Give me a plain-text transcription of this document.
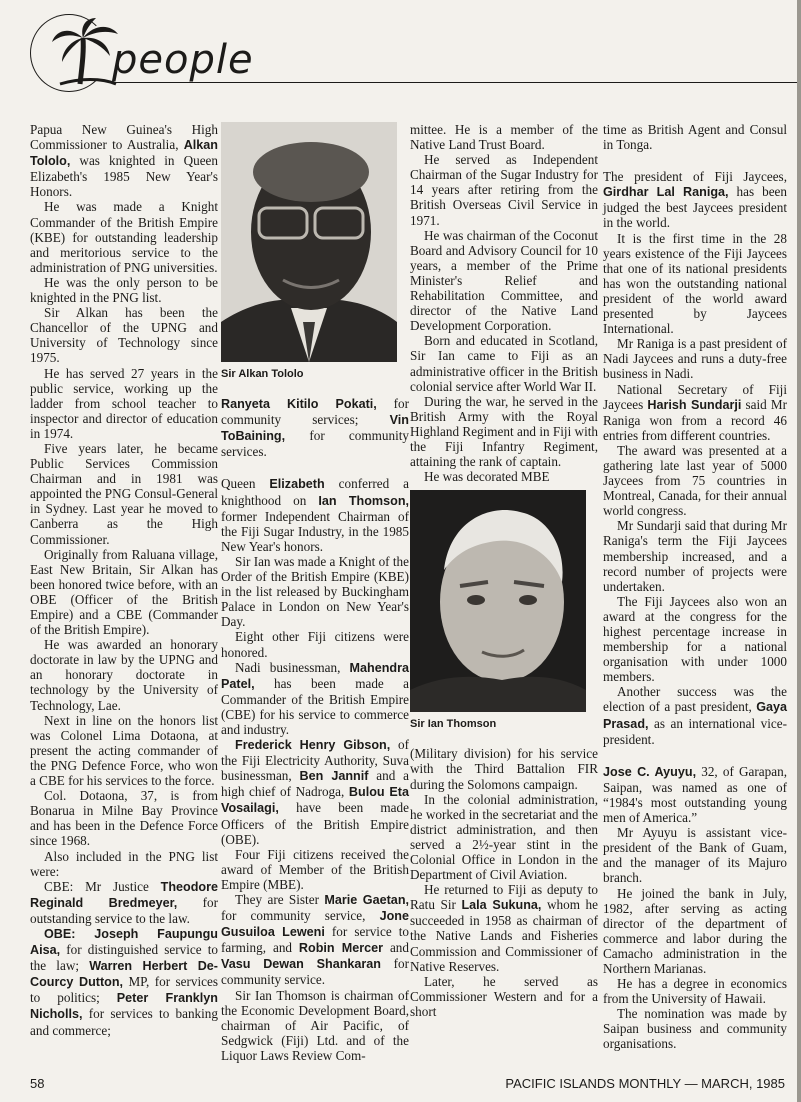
people

Papua New Guinea's High Commissioner to Australia, Alkan Tololo, was knighted in Queen Elizabeth's 1985 New Year's Honors.

He was made a Knight Commander of the British Empire (KBE) for outstanding leadership and meritorious service to the administration of PNG universities.

He was the only person to be knighted in the PNG list.

Sir Alkan has been the Chancellor of the UPNG and University of Technology since 1975.

He has served 27 years in the public service, working up the ladder from school teacher to inspector and director of education in 1974.

Five years later, he became Public Services Commission Chairman and in 1981 was appointed the PNG Consul-General in Sydney. Last year he moved to Canberra as the High Commissioner.

Originally from Raluana village, East New Britain, Sir Alkan has been honored twice before, with an OBE (Officer of the British Empire) and a CBE (Commander of the British Empire).

He was awarded an honorary doctorate in law by the UPNG and an honorary doctorate in technology by the University of Technology, Lae.

Next in line on the honors list was Colonel Lima Dotaona, at present the acting commander of the PNG Defence Force, who won a CBE for his services to the force.

Col. Dotaona, 37, is from Bonarua in Milne Bay Province and has been in the Defence Force since 1968.

Also included in the PNG list were:

CBE: Mr Justice Theodore Reginald Bredmeyer, for outstanding service to the law.

OBE: Joseph Faupungu Aisa, for distinguished service to the law; Warren Herbert De-Courcy Dutton, MP, for services to politics; Peter Franklyn Nicholls, for services to banking and commerce;

Sir Alkan Tololo

Ranyeta Kitilo Pokati, for community services; Vin ToBaining, for community services.

Queen Elizabeth conferred a knighthood on Ian Thomson, former Independent Chairman of the Fiji Sugar Industry, in the 1985 New Year's honors.

Sir Ian was made a Knight of the Order of the British Empire (KBE) in the list released by Buckingham Palace in London on New Year's Day.

Eight other Fiji citizens were honored.

Nadi businessman, Mahendra Patel, has been made a Commander of the British Empire (CBE) for his service to commerce and industry.

Frederick Henry Gibson, of the Fiji Electricity Authority, Suva businessman, Ben Jannif and a high chief of Nadroga, Bulou Eta Vosailagi, have been made Officers of the British Empire (OBE).

Four Fiji citizens received the award of Member of the British Empire (MBE).

They are Sister Marie Gaetan, for community service, Jone Gusuiloa Leweni for service to farming, and Robin Mercer and Vasu Dewan Shankaran for community service.

Sir Ian Thomson is chairman of the Economic Development Board, chairman of Air Pacific, of Sedgwick (Fiji) Ltd. and of the Liquor Laws Review Com-

mittee. He is a member of the Native Land Trust Board.

He served as Independent Chairman of the Sugar Industry for 14 years after retiring from the British Overseas Civil Service in 1971.

He was chairman of the Coconut Board and Advisory Council for 10 years, a member of the Prime Minister's Relief and Rehabilitation Committee, and director of the Native Land Development Corporation.

Born and educated in Scotland, Sir Ian came to Fiji as an administrative officer in the British colonial service after World War II.

During the war, he served in the British Army with the Royal Highland Regiment and in Fiji with the Fiji Infantry Regiment, attaining the rank of captain.

He was decorated MBE

Sir Ian Thomson

(Military division) for his service with the Third Battalion FIR during the Solomons campaign.

In the colonial administration, he worked in the secretariat and the district administration, and then served a 2½-year stint in the Colonial Office in London in the Department of Civil Aviation.

He returned to Fiji as deputy to Ratu Sir Lala Sukuna, whom he succeeded in 1958 as chairman of the Native Lands and Fisheries Commission and Commissioner of Native Reserves.

Later, he served as Commissioner Western and for a short

time as British Agent and Consul in Tonga.

The president of Fiji Jaycees, Girdhar Lal Raniga, has been judged the best Jaycees president in the world.

It is the first time in the 28 years existence of the Fiji Jaycees that one of its national presidents has won the outstanding national president of the world award presented by Jaycees International.

Mr Raniga is a past president of Nadi Jaycees and runs a duty-free business in Nadi.

National Secretary of Fiji Jaycees Harish Sundarji said Mr Raniga won from a record 46 entries from different countries.

The award was presented at a gathering late last year of 5000 Jaycees from 75 countries in Montreal, Canada, for their annual world congress.

Mr Sundarji said that during Mr Raniga's term the Fiji Jaycees membership increased, and a record number of projects were undertaken.

The Fiji Jaycees also won an award at the congress for the highest percentage increase in membership for a national organisation with under 1000 members.

Another success was the election of a past president, Gaya Prasad, as an international vice-president.

Jose C. Ayuyu, 32, of Garapan, Saipan, was named as one of “1984's most outstanding young men of America.”

Mr Ayuyu is assistant vice-president of the Bank of Guam, and the manager of its Majuro branch.

He joined the bank in July, 1982, after serving as acting director of the department of commerce and labor during the Camacho administration in the Northern Marianas.

He has a degree in economics from the University of Hawaii.

The nomination was made by Saipan business and community organisations.

58	PACIFIC ISLANDS MONTHLY — MARCH, 1985
